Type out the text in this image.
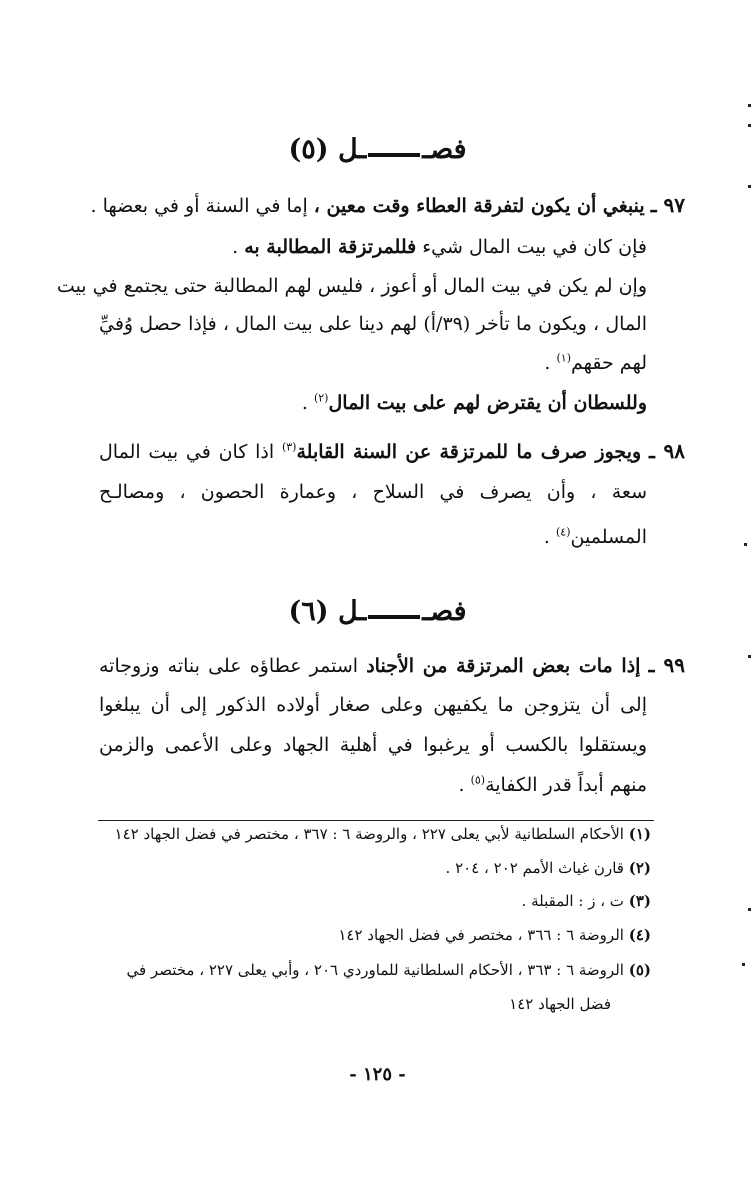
فصــل (٥)
٩٧ ـ ينبغي أن يكون لتفرقة العطاء وقت معين ، إما في السنة أو في بعضها .
فإن كان في بيت المال شيء فللمرتزقة المطالبة به .
وإن لم يكن في بيت المال أو أعوز ، فليس لهم المطالبة حتى يجتمع في بيت
المال ، ويكون ما تأخر (٣٩/أ) لهم دينا على بيت المال ، فإذا حصل وُفيِّ
لهم حقهم$^{(١)}$ .
وللسطان أن يقترض لهم على بيت المال$^{(٢)}$ .
٩٨ ـ ويجوز صرف ما للمرتزقة عن السنة القابلة$^{(٣)}$ اذا كان في بيت المال
سعة ، وأن يصرف في السلاح ، وعمارة الحصون ، ومصالـح
المسلمين$^{(٤)}$ .
فصــل (٦)
٩٩ ـ إذا مات بعض المرتزقة من الأجناد استمر عطاؤه على بناته وزوجاته
إلى أن يتزوجن ما يكفيهن وعلى صغار أولاده الذكور إلى أن يبلغوا
ويستقلوا بالكسب أو يرغبوا في أهلية الجهاد وعلى الأعمى والزمن
منهم أبداً قدر الكفاية$^{(٥)}$ .
(١) الأحكام السلطانية لأبي يعلى ٢٢٧ ، والروضة ٦ : ٣٦٧ ، مختصر في فضل الجهاد ١٤٢
(٢) قارن غياث الأمم ٢٠٢ ، ٢٠٤ .
(٣) ت ، ز : المقبلة .
(٤) الروضة ٦ : ٣٦٦ ، مختصر في فضل الجهاد ١٤٢
(٥) الروضة ٦ : ٣٦٣ ، الأحكام السلطانية للماوردي ٢٠٦ ، وأبي يعلى ٢٢٧ ، مختصر في
فضل الجهاد ١٤٢
- ١٢٥ -
